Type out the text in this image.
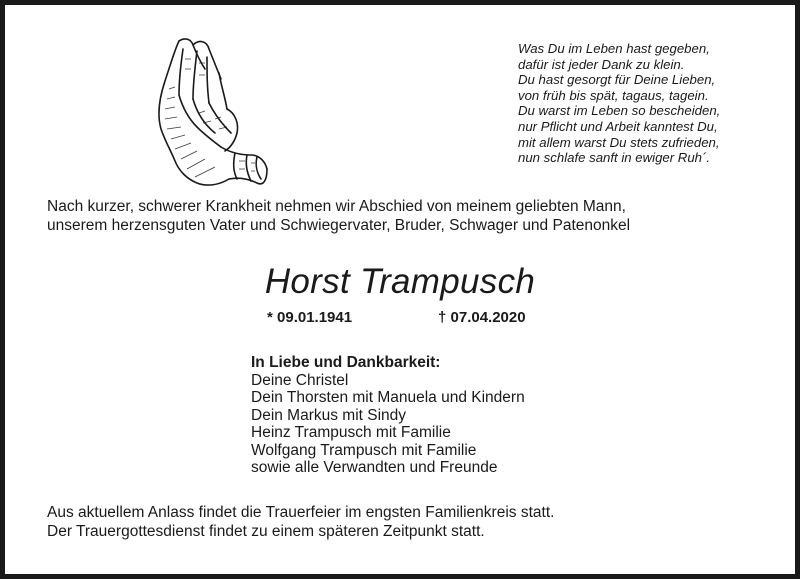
Was Du im Leben hast gegeben,
dafür ist jeder Dank zu klein.
Du hast gesorgt für Deine Lieben,
von früh bis spät, tagaus, tagein.
Du warst im Leben so bescheiden,
nur Pflicht und Arbeit kanntest Du,
mit allem warst Du stets zufrieden,
nun schlafe sanft in ewiger Ruh´.
Nach kurzer, schwerer Krankheit nehmen wir Abschied von meinem geliebten Mann,
unserem herzensguten Vater und Schwiegervater, Bruder, Schwager und Patenonkel
Horst Trampusch
* 09.01.1941	† 07.04.2020
In Liebe und Dankbarkeit:
Deine Christel
Dein Thorsten mit Manuela und Kindern
Dein Markus mit Sindy
Heinz Trampusch mit Familie
Wolfgang Trampusch mit Familie
sowie alle Verwandten und Freunde
Aus aktuellem Anlass findet die Trauerfeier im engsten Familienkreis statt.
Der Trauergottesdienst findet zu einem späteren Zeitpunkt statt.
